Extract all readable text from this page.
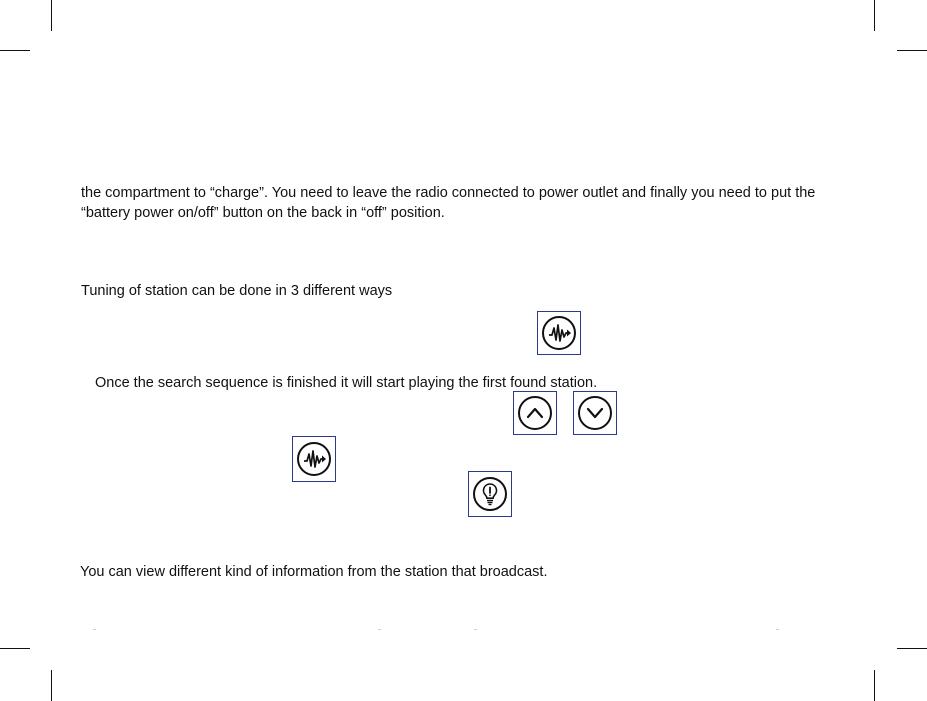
the compartment to “charge”. You need to leave the radio connected to power outlet and finally you need to put the

“battery power on/off” button on the back in “off” position.

Tuning of station can be done in 3 different ways

Once the search sequence is finished it will start playing the first found station.

You can view different kind of information from the station that broadcast.
